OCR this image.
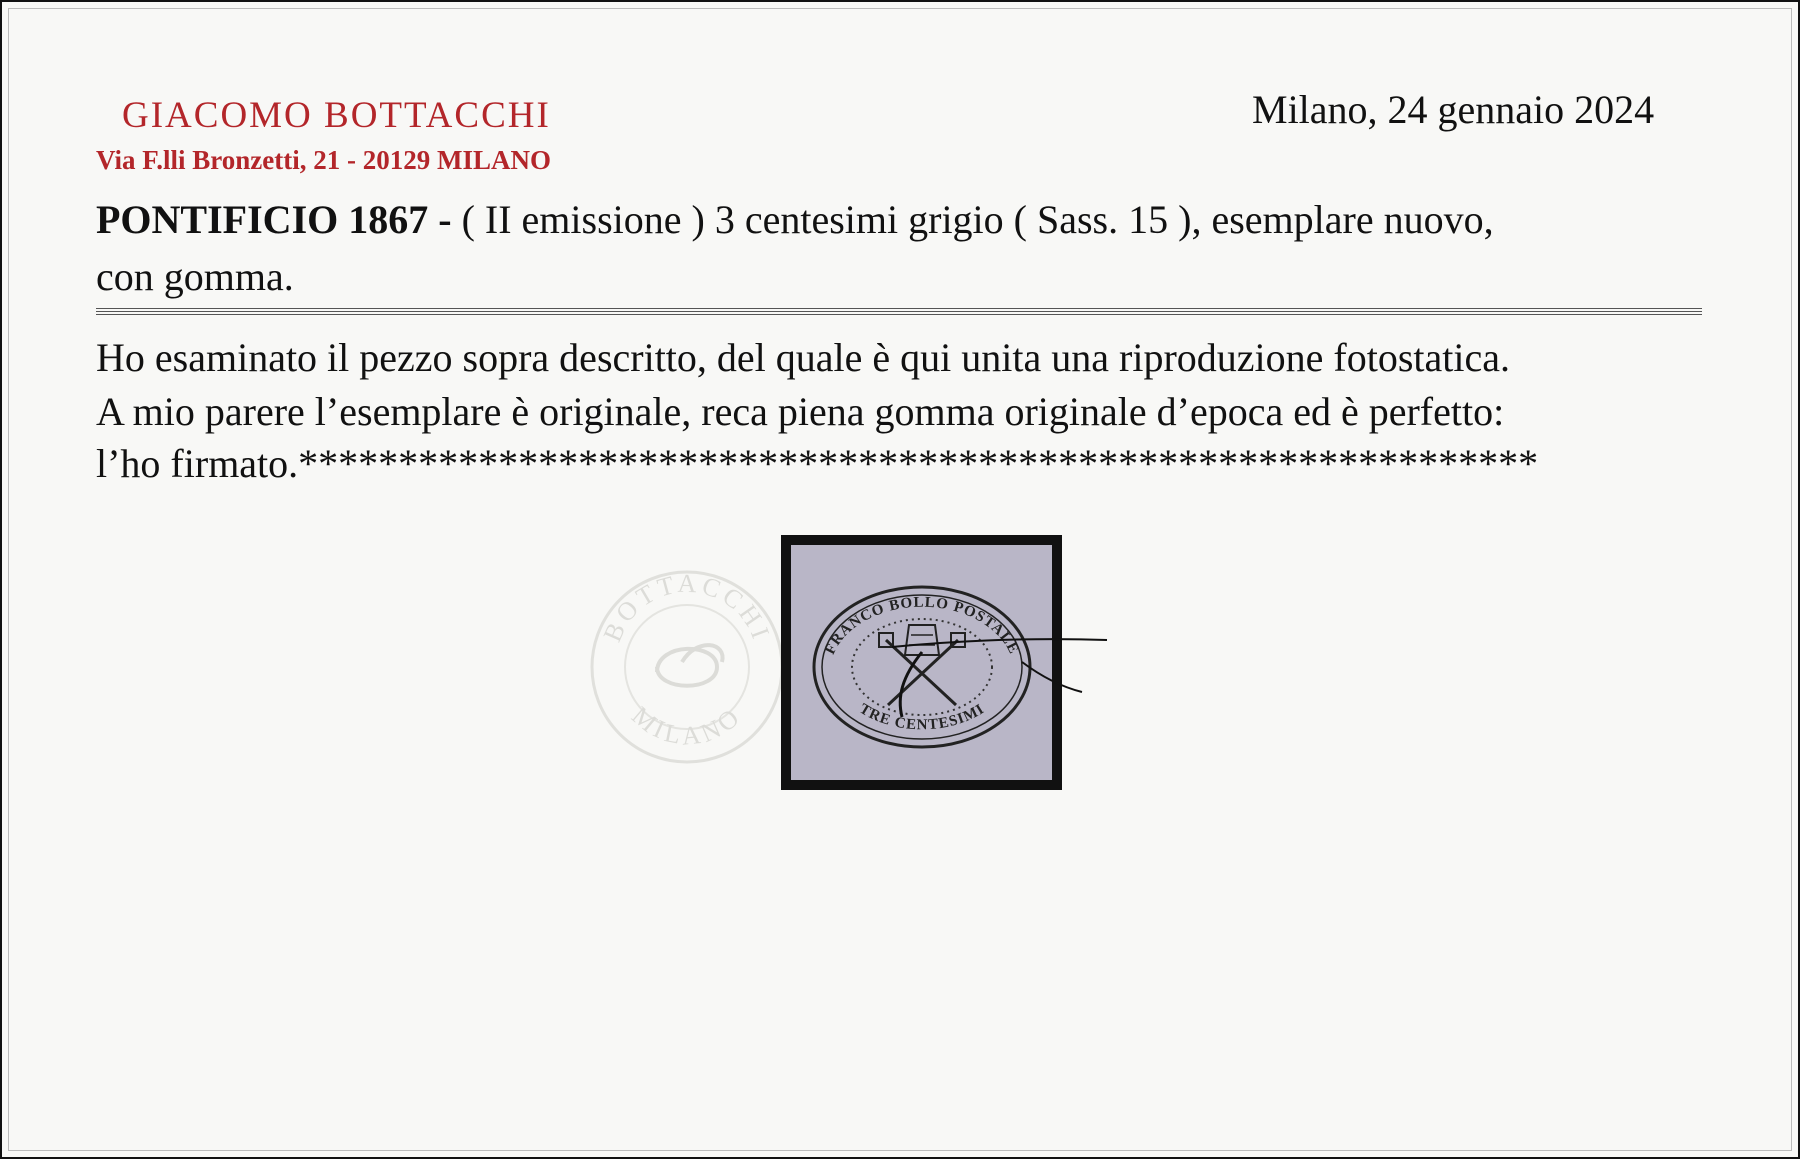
GIACOMO BOTTACCHI
Via F.lli Bronzetti, 21 - 20129 MILANO
Milano, 24 gennaio 2024
PONTIFICIO 1867 - ( II emissione ) 3 centesimi grigio ( Sass. 15 ), esemplare nuovo,
con gomma.
Ho esaminato il pezzo sopra descritto, del quale è qui unita una riproduzione fotostatica.
A mio parere l’esemplare è originale, reca piena gomma originale d’epoca ed è perfetto:
l’ho firmato.**************************************************************
BOTTACCHI
MILANO
FRANCO BOLLO POSTALE
TRE CENTESIMI
